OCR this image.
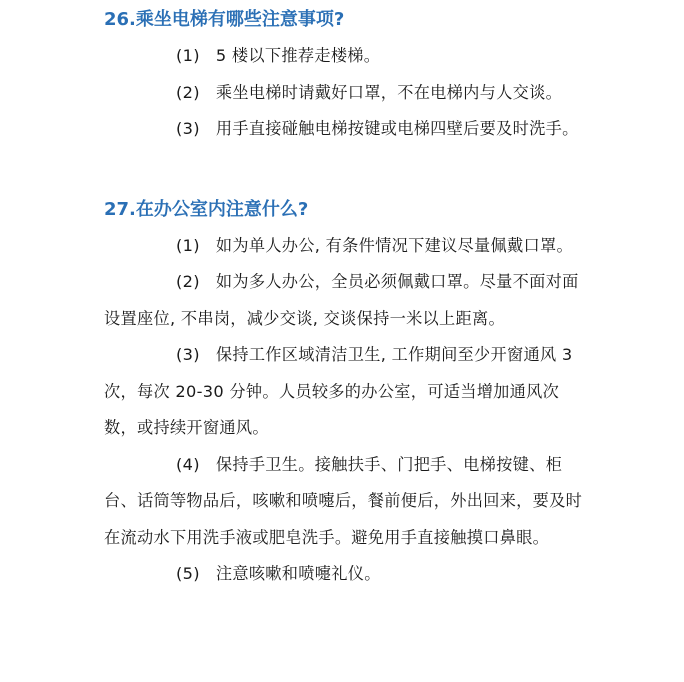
26.乘坐电梯有哪些注意事项?

(1) 5 楼以下推荐走楼梯。

(2) 乘坐电梯时请戴好口罩，不在电梯内与人交谈。

(3) 用手直接碰触电梯按键或电梯四壁后要及时洗手。

27.在办公室内注意什么?

(1) 如为单人办公, 有条件情况下建议尽量佩戴口罩。

(2) 如为多人办公，全员必须佩戴口罩。尽量不面对面设置座位, 不串岗，减少交谈, 交谈保持一米以上距离。

(3) 保持工作区域清洁卫生, 工作期间至少开窗通风 3 次，每次 20-30 分钟。人员较多的办公室，可适当增加通风次数，或持续开窗通风。

(4) 保持手卫生。接触扶手、门把手、电梯按键、柜台、话筒等物品后，咳嗽和喷嚏后，餐前便后，外出回来，要及时在流动水下用洗手液或肥皂洗手。避免用手直接触摸口鼻眼。

(5) 注意咳嗽和喷嚏礼仪。
